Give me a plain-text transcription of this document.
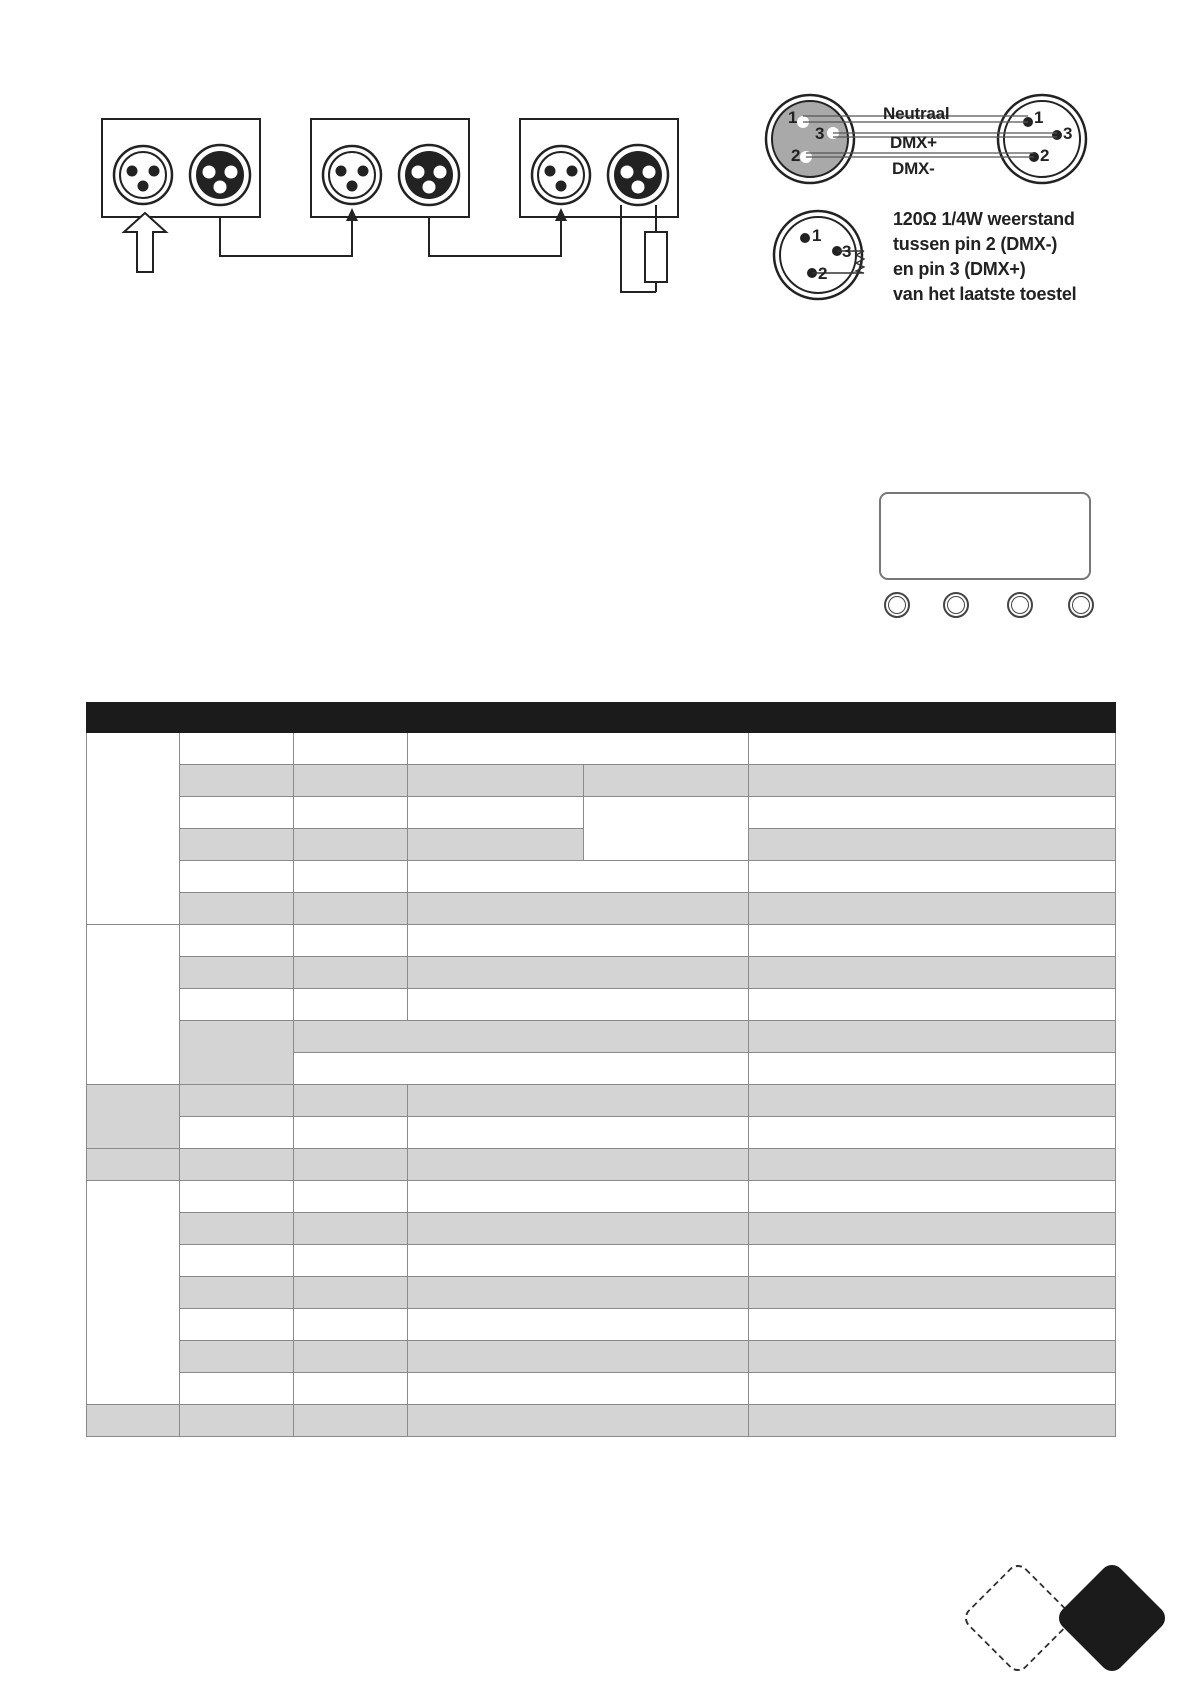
1
3
2
1
3
2
1
3
2
Neutraal
DMX+
DMX-
120Ω 1/4W weerstand
tussen pin 2 (DMX-)
en pin 3 (DMX+)
van het laatste toestel
